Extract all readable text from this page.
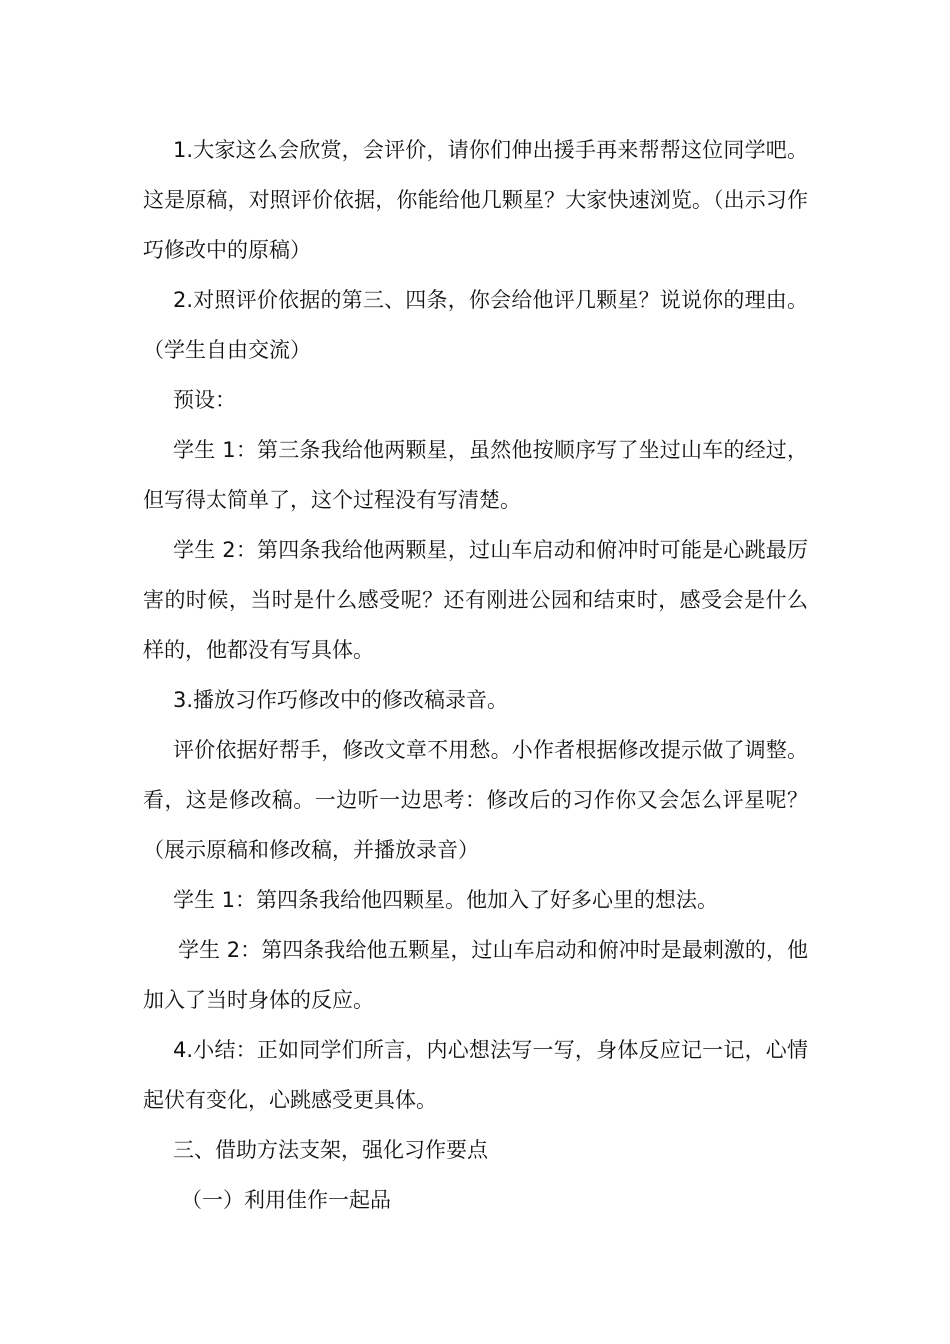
1.大家这么会欣赏，会评价，请你们伸出援手再来帮帮这位同学吧。这是原稿，对照评价依据，你能给他几颗星？大家快速浏览。（出示习作巧修改中的原稿）

2.对照评价依据的第三、四条，你会给他评几颗星？说说你的理由。（学生自由交流）

预设：

学生 1：第三条我给他两颗星，虽然他按顺序写了坐过山车的经过，但写得太简单了，这个过程没有写清楚。

学生 2：第四条我给他两颗星，过山车启动和俯冲时可能是心跳最厉害的时候，当时是什么感受呢？还有刚进公园和结束时，感受会是什么样的，他都没有写具体。

3.播放习作巧修改中的修改稿录音。

评价依据好帮手，修改文章不用愁。小作者根据修改提示做了调整。看，这是修改稿。一边听一边思考：修改后的习作你又会怎么评星呢？（展示原稿和修改稿，并播放录音）

学生 1：第四条我给他四颗星。他加入了好多心里的想法。

学生 2：第四条我给他五颗星，过山车启动和俯冲时是最刺激的，他加入了当时身体的反应。

4.小结：正如同学们所言，内心想法写一写，身体反应记一记，心情起伏有变化，心跳感受更具体。

三、借助方法支架，强化习作要点

（一）利用佳作一起品
